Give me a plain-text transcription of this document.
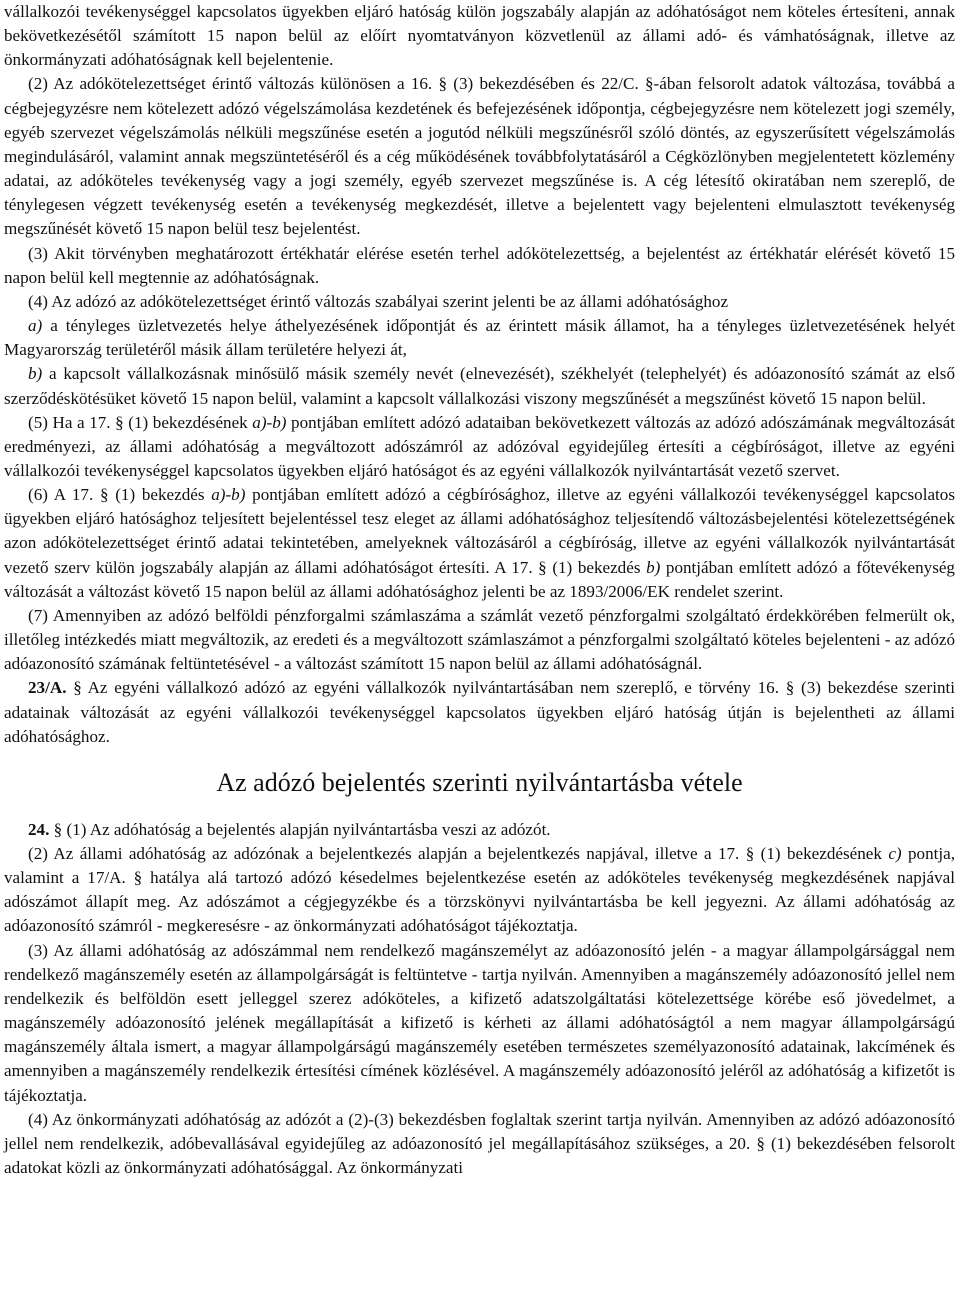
vállalkozói tevékenységgel kapcsolatos ügyekben eljáró hatóság külön jogszabály alapján az adóhatóságot nem köteles értesíteni, annak bekövetkezésétől számított 15 napon belül az előírt nyomtatványon közvetlenül az állami adó- és vámhatóságnak, illetve az önkormányzati adóhatóságnak kell bejelentenie.

(2) Az adókötelezettséget érintő változás különösen a 16. § (3) bekezdésében és 22/C. §-ában felsorolt adatok változása, továbbá a cégbejegyzésre nem kötelezett adózó végelszámolása kezdetének és befejezésének időpontja, cégbejegyzésre nem kötelezett jogi személy, egyéb szervezet végelszámolás nélküli megszűnése esetén a jogutód nélküli megszűnésről szóló döntés, az egyszerűsített végelszámolás megindulásáról, valamint annak megszüntetéséről és a cég működésének továbbfolytatásáról a Cégközlönyben megjelentetett közlemény adatai, az adóköteles tevékenység vagy a jogi személy, egyéb szervezet megszűnése is. A cég létesítő okiratában nem szereplő, de ténylegesen végzett tevékenység esetén a tevékenység megkezdését, illetve a bejelentett vagy bejelenteni elmulasztott tevékenység megszűnését követő 15 napon belül tesz bejelentést.

(3) Akit törvényben meghatározott értékhatár elérése esetén terhel adókötelezettség, a bejelentést az értékhatár elérését követő 15 napon belül kell megtennie az adóhatóságnak.

(4) Az adózó az adókötelezettséget érintő változás szabályai szerint jelenti be az állami adóhatósághoz

a) a tényleges üzletvezetés helye áthelyezésének időpontját és az érintett másik államot, ha a tényleges üzletvezetésének helyét Magyarország területéről másik állam területére helyezi át,

b) a kapcsolt vállalkozásnak minősülő másik személy nevét (elnevezését), székhelyét (telephelyét) és adóazonosító számát az első szerződéskötésüket követő 15 napon belül, valamint a kapcsolt vállalkozási viszony megszűnését a megszűnést követő 15 napon belül.

(5) Ha a 17. § (1) bekezdésének a)-b) pontjában említett adózó adataiban bekövetkezett változás az adózó adószámának megváltozását eredményezi, az állami adóhatóság a megváltozott adószámról az adózóval egyidejűleg értesíti a cégbíróságot, illetve az egyéni vállalkozói tevékenységgel kapcsolatos ügyekben eljáró hatóságot és az egyéni vállalkozók nyilvántartását vezető szervet.

(6) A 17. § (1) bekezdés a)-b) pontjában említett adózó a cégbírósághoz, illetve az egyéni vállalkozói tevékenységgel kapcsolatos ügyekben eljáró hatósághoz teljesített bejelentéssel tesz eleget az állami adóhatósághoz teljesítendő változásbejelentési kötelezettségének azon adókötelezettséget érintő adatai tekintetében, amelyeknek változásáról a cégbíróság, illetve az egyéni vállalkozók nyilvántartását vezető szerv külön jogszabály alapján az állami adóhatóságot értesíti. A 17. § (1) bekezdés b) pontjában említett adózó a főtevékenység változását a változást követő 15 napon belül az állami adóhatósághoz jelenti be az 1893/2006/EK rendelet szerint.

(7) Amennyiben az adózó belföldi pénzforgalmi számlaszáma a számlát vezető pénzforgalmi szolgáltató érdekkörében felmerült ok, illetőleg intézkedés miatt megváltozik, az eredeti és a megváltozott számlaszámot a pénzforgalmi szolgáltató köteles bejelenteni - az adózó adóazonosító számának feltüntetésével - a változást számított 15 napon belül az állami adóhatóságnál.

23/A. § Az egyéni vállalkozó adózó az egyéni vállalkozók nyilvántartásában nem szereplő, e törvény 16. § (3) bekezdése szerinti adatainak változását az egyéni vállalkozói tevékenységgel kapcsolatos ügyekben eljáró hatóság útján is bejelentheti az állami adóhatósághoz.

Az adózó bejelentés szerinti nyilvántartásba vétele

24. § (1) Az adóhatóság a bejelentés alapján nyilvántartásba veszi az adózót.

(2) Az állami adóhatóság az adózónak a bejelentkezés alapján a bejelentkezés napjával, illetve a 17. § (1) bekezdésének c) pontja, valamint a 17/A. § hatálya alá tartozó adózó késedelmes bejelentkezése esetén az adóköteles tevékenység megkezdésének napjával adószámot állapít meg. Az adószámot a cégjegyzékbe és a törzskönyvi nyilvántartásba be kell jegyezni. Az állami adóhatóság az adóazonosító számról - megkeresésre - az önkormányzati adóhatóságot tájékoztatja.

(3) Az állami adóhatóság az adószámmal nem rendelkező magánszemélyt az adóazonosító jelén - a magyar állampolgársággal nem rendelkező magánszemély esetén az állampolgárságát is feltüntetve - tartja nyilván. Amennyiben a magánszemély adóazonosító jellel nem rendelkezik és belföldön esett jelleggel szerez adóköteles, a kifizető adatszolgáltatási kötelezettsége körébe eső jövedelmet, a magánszemély adóazonosító jelének megállapítását a kifizető is kérheti az állami adóhatóságtól a nem magyar állampolgárságú magánszemély általa ismert, a magyar állampolgárságú magánszemély esetében természetes személyazonosító adatainak, lakcímének és amennyiben a magánszemély rendelkezik értesítési címének közlésével. A magánszemély adóazonosító jeléről az adóhatóság a kifizetőt is tájékoztatja.

(4) Az önkormányzati adóhatóság az adózót a (2)-(3) bekezdésben foglaltak szerint tartja nyilván. Amennyiben az adózó adóazonosító jellel nem rendelkezik, adóbevallásával egyidejűleg az adóazonosító jel megállapításához szükséges, a 20. § (1) bekezdésében felsorolt adatokat közli az önkormányzati adóhatósággal. Az önkormányzati
